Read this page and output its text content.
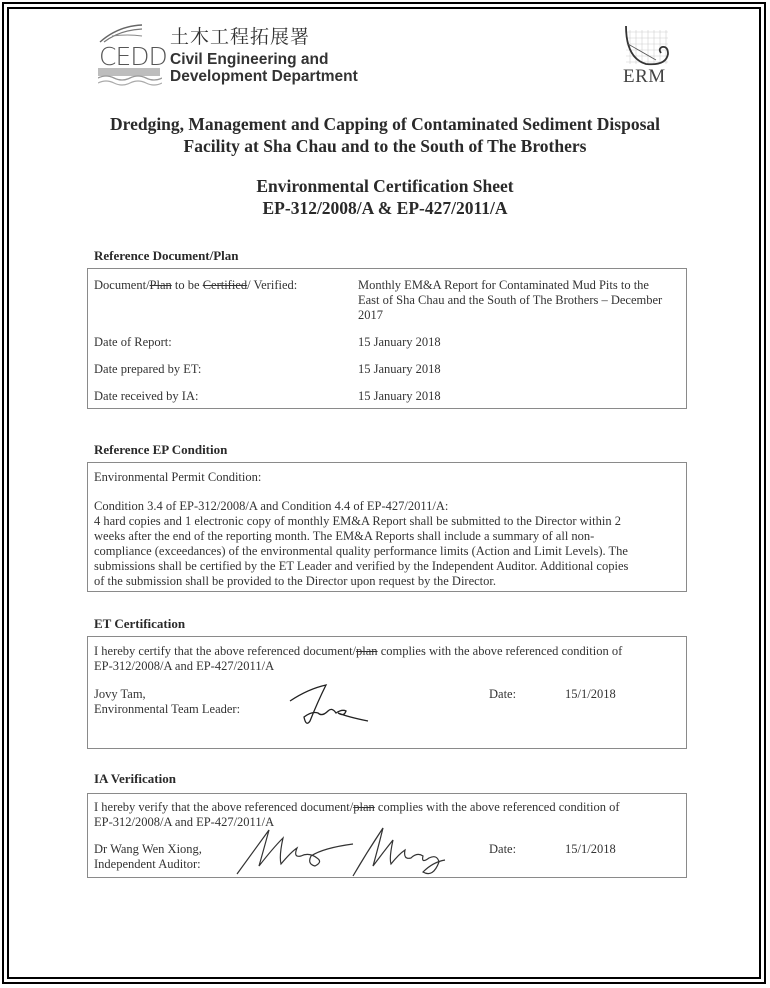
CEDD
土木工程拓展署
Civil Engineering and
Development Department	ERM
Dredging, Management and Capping of Contaminated Sediment Disposal
Facility at Sha Chau and to the South of The Brothers
Environmental Certification Sheet
EP-312/2008/A & EP-427/2011/A
Reference Document/Plan
Document/Plan to be Certified/ Verified:	Monthly EM&A Report for Contaminated Mud Pits to the
East of Sha Chau and the South of The Brothers – December
2017
Date of Report:	15 January 2018
Date prepared by ET:	15 January 2018
Date received by IA:	15 January 2018
Reference EP Condition
Environmental Permit Condition:
Condition 3.4 of EP-312/2008/A and Condition 4.4 of EP-427/2011/A:
4 hard copies and 1 electronic copy of monthly EM&A Report shall be submitted to the Director within 2
weeks after the end of the reporting month. The EM&A Reports shall include a summary of all non-
compliance (exceedances) of the environmental quality performance limits (Action and Limit Levels). The
submissions shall be certified by the ET Leader and verified by the Independent Auditor. Additional copies
of the submission shall be provided to the Director upon request by the Director.
ET Certification
I hereby certify that the above referenced document/plan complies with the above referenced condition of
EP-312/2008/A and EP-427/2011/A
Jovy Tam,
Environmental Team Leader:
Date:	15/1/2018
IA Verification
I hereby verify that the above referenced document/plan complies with the above referenced condition of
EP-312/2008/A and EP-427/2011/A
Dr Wang Wen Xiong,
Independent Auditor:
Date:	15/1/2018
